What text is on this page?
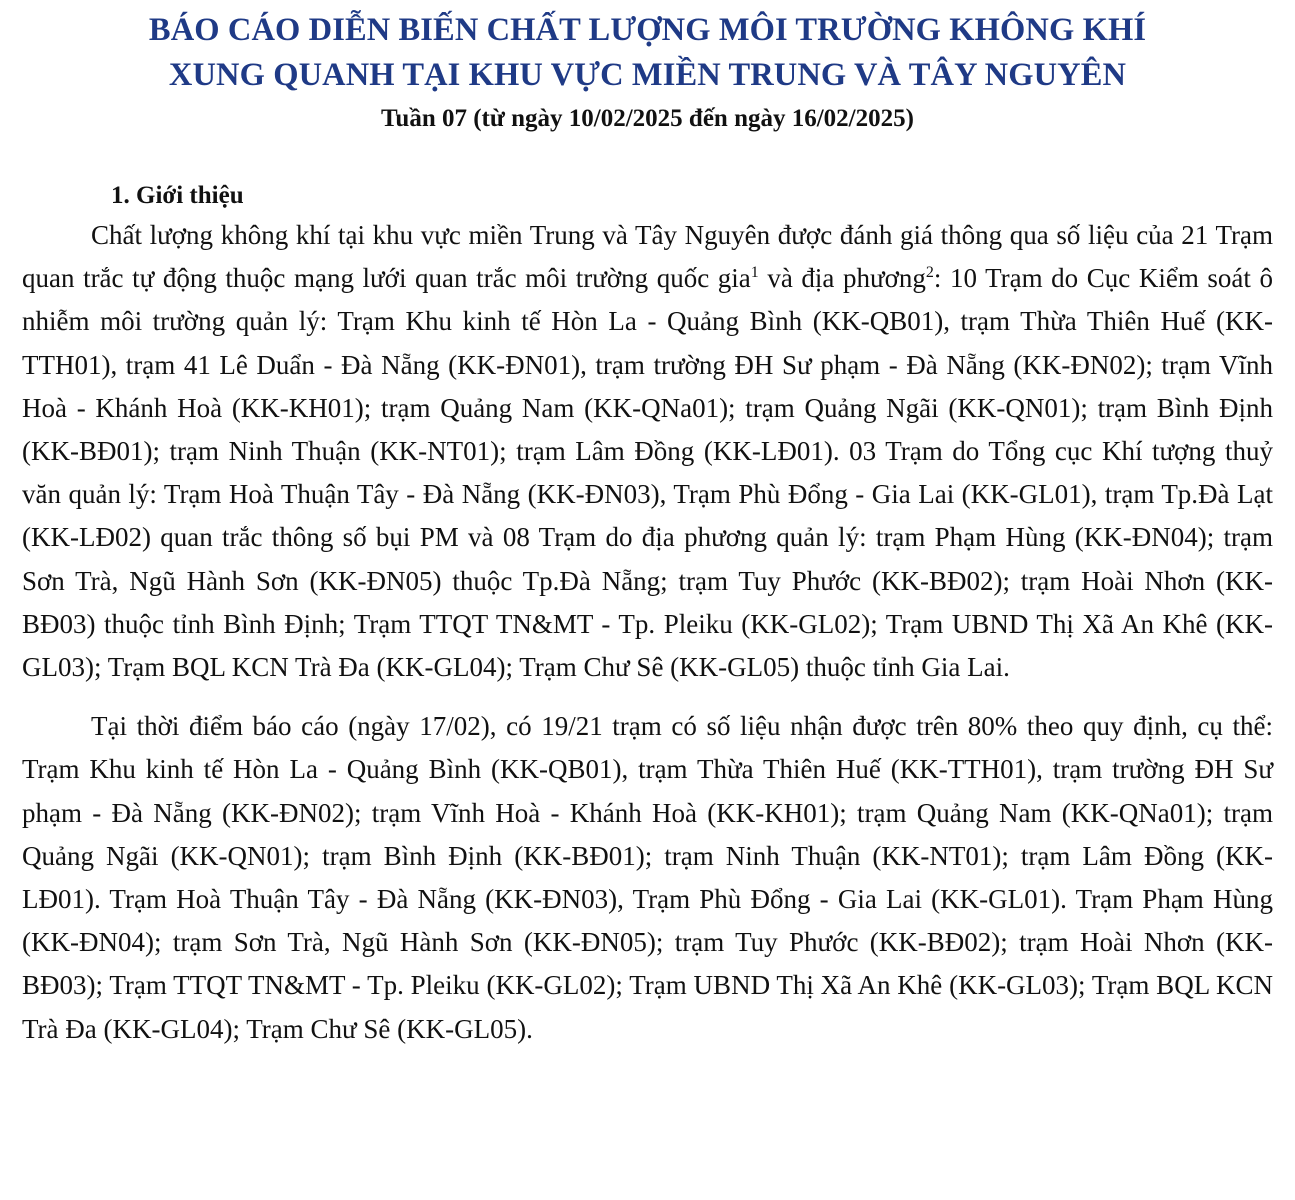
BÁO CÁO DIỄN BIẾN CHẤT LƯỢNG MÔI TRƯỜNG KHÔNG KHÍ
XUNG QUANH TẠI KHU VỰC MIỀN TRUNG VÀ TÂY NGUYÊN

Tuần 07 (từ ngày 10/02/2025 đến ngày 16/02/2025)

1. Giới thiệu

Chất lượng không khí tại khu vực miền Trung và Tây Nguyên được đánh giá thông qua số liệu của 21 Trạm quan trắc tự động thuộc mạng lưới quan trắc môi trường quốc gia$^1$ và địa phương$^2$: 10 Trạm do Cục Kiểm soát ô nhiễm môi trường quản lý: Trạm Khu kinh tế Hòn La - Quảng Bình (KK-QB01), trạm Thừa Thiên Huế (KK-TTH01), trạm 41 Lê Duẩn - Đà Nẵng (KK-ĐN01), trạm trường ĐH Sư phạm - Đà Nẵng (KK-ĐN02); trạm Vĩnh Hoà - Khánh Hoà (KK-KH01); trạm Quảng Nam (KK-QNa01); trạm Quảng Ngãi (KK-QN01); trạm Bình Định (KK-BĐ01); trạm Ninh Thuận (KK-NT01); trạm Lâm Đồng (KK-LĐ01). 03 Trạm do Tổng cục Khí tượng thuỷ văn quản lý: Trạm Hoà Thuận Tây - Đà Nẵng (KK-ĐN03), Trạm Phù Đổng - Gia Lai (KK-GL01), trạm Tp.Đà Lạt (KK-LĐ02) quan trắc thông số bụi PM và 08 Trạm do địa phương quản lý: trạm Phạm Hùng (KK-ĐN04); trạm Sơn Trà, Ngũ Hành Sơn (KK-ĐN05) thuộc Tp.Đà Nẵng; trạm Tuy Phước (KK-BĐ02); trạm Hoài Nhơn (KK-BĐ03) thuộc tỉnh Bình Định; Trạm TTQT TN&MT - Tp. Pleiku (KK-GL02); Trạm UBND Thị Xã An Khê (KK-GL03); Trạm BQL KCN Trà Đa (KK-GL04); Trạm Chư Sê (KK-GL05) thuộc tỉnh Gia Lai.

Tại thời điểm báo cáo (ngày 17/02), có 19/21 trạm có số liệu nhận được trên 80% theo quy định, cụ thể: Trạm Khu kinh tế Hòn La - Quảng Bình (KK-QB01), trạm Thừa Thiên Huế (KK-TTH01), trạm trường ĐH Sư phạm - Đà Nẵng (KK-ĐN02); trạm Vĩnh Hoà - Khánh Hoà (KK-KH01); trạm Quảng Nam (KK-QNa01); trạm Quảng Ngãi (KK-QN01); trạm Bình Định (KK-BĐ01); trạm Ninh Thuận (KK-NT01); trạm Lâm Đồng (KK-LĐ01). Trạm Hoà Thuận Tây - Đà Nẵng (KK-ĐN03), Trạm Phù Đổng - Gia Lai (KK-GL01). Trạm Phạm Hùng (KK-ĐN04); trạm Sơn Trà, Ngũ Hành Sơn (KK-ĐN05); trạm Tuy Phước (KK-BĐ02); trạm Hoài Nhơn (KK-BĐ03); Trạm TTQT TN&MT - Tp. Pleiku (KK-GL02); Trạm UBND Thị Xã An Khê (KK-GL03); Trạm BQL KCN Trà Đa (KK-GL04); Trạm Chư Sê (KK-GL05).
